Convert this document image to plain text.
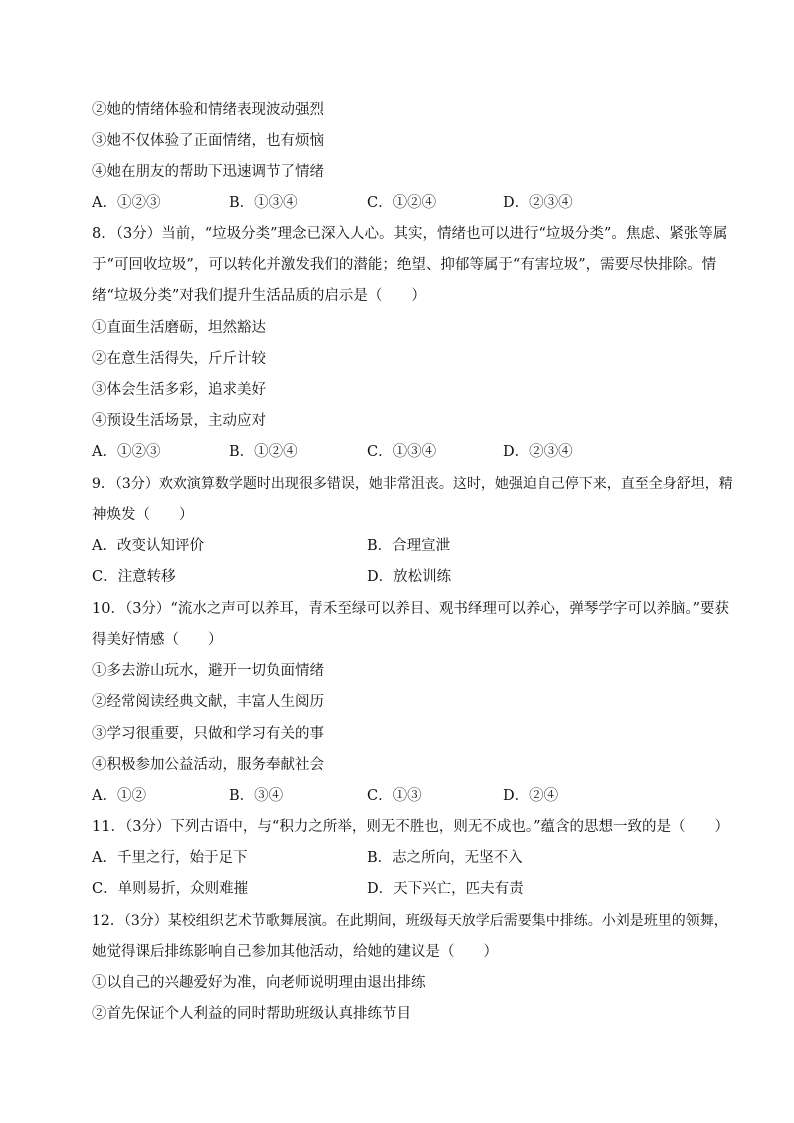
②她的情绪体验和情绪表现波动强烈
③她不仅体验了正面情绪，也有烦恼
④她在朋友的帮助下迅速调节了情绪
A．①②③	B．①③④	C．①②④	D．②③④
8．（3分）当前，“垃圾分类”理念已深入人心。其实，情绪也可以进行“垃圾分类”。焦虑、紧张等属
于“可回收垃圾”，可以转化并激发我们的潜能；绝望、抑郁等属于“有害垃圾”，需要尽快排除。情
绪“垃圾分类”对我们提升生活品质的启示是（　　）
①直面生活磨砺，坦然豁达
②在意生活得失，斤斤计较
③体会生活多彩，追求美好
④预设生活场景，主动应对
A．①②③	B．①②④	C．①③④	D．②③④
9．（3分）欢欢演算数学题时出现很多错误，她非常沮丧。这时，她强迫自己停下来，直至全身舒坦，精
神焕发（　　）
A．改变认知评价	B．合理宣泄
C．注意转移	D．放松训练
10．（3分）“流水之声可以养耳，青禾至绿可以养目、观书绎理可以养心，弹琴学字可以养脑。”要获
得美好情感（　　）
①多去游山玩水，避开一切负面情绪
②经常阅读经典文献，丰富人生阅历
③学习很重要，只做和学习有关的事
④积极参加公益活动，服务奉献社会
A．①②	B．③④	C．①③	D．②④
11．（3分）下列古语中，与“积力之所举，则无不胜也，则无不成也。”蕴含的思想一致的是（　　）
A．千里之行，始于足下	B．志之所向，无坚不入
C．单则易折，众则难摧	D．天下兴亡，匹夫有责
12．（3分）某校组织艺术节歌舞展演。在此期间，班级每天放学后需要集中排练。小刘是班里的领舞，
她觉得课后排练影响自己参加其他活动，给她的建议是（　　）
①以自己的兴趣爱好为准，向老师说明理由退出排练
②首先保证个人利益的同时帮助班级认真排练节目
